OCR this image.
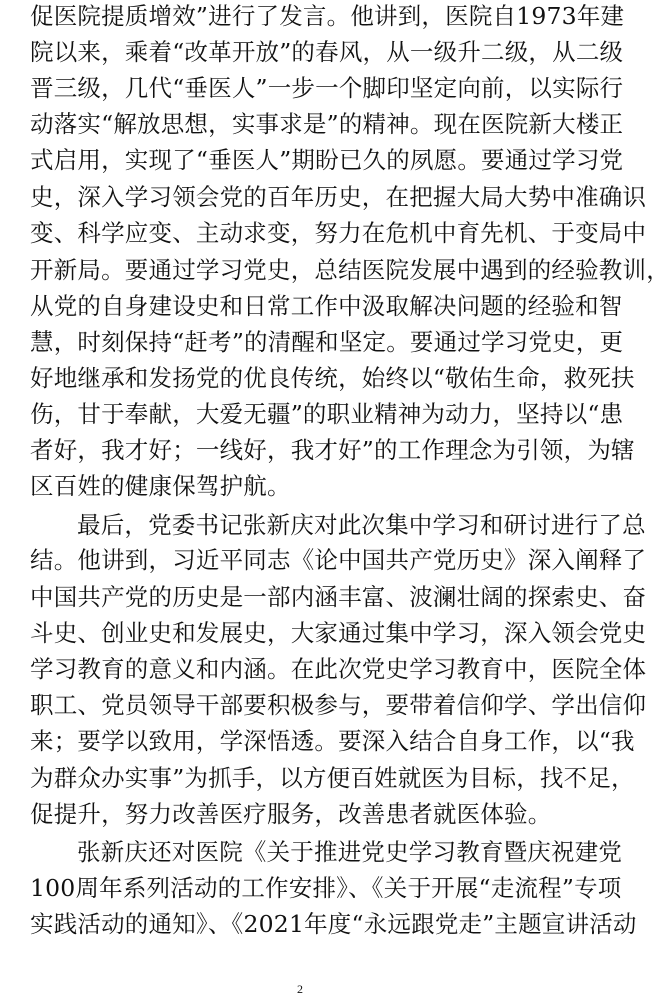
促医院提质增效”进行了发言。他讲到，医院自1973年建
院以来，乘着“改革开放”的春风，从一级升二级，从二级
晋三级，几代“垂医人”一步一个脚印坚定向前，以实际行
动落实“解放思想，实事求是”的精神。现在医院新大楼正
式启用，实现了“垂医人”期盼已久的夙愿。要通过学习党
史，深入学习领会党的百年历史，在把握大局大势中准确识
变、科学应变、主动求变，努力在危机中育先机、于变局中
开新局。要通过学习党史，总结医院发展中遇到的经验教训，
从党的自身建设史和日常工作中汲取解决问题的经验和智
慧，时刻保持“赶考”的清醒和坚定。要通过学习党史，更
好地继承和发扬党的优良传统，始终以“敬佑生命，救死扶
伤，甘于奉献，大爱无疆”的职业精神为动力，坚持以“患
者好，我才好；一线好，我才好”的工作理念为引领，为辖
区百姓的健康保驾护航。
最后，党委书记张新庆对此次集中学习和研讨进行了总
结。他讲到，习近平同志《论中国共产党历史》深入阐释了
中国共产党的历史是一部内涵丰富、波澜壮阔的探索史、奋
斗史、创业史和发展史，大家通过集中学习，深入领会党史
学习教育的意义和内涵。在此次党史学习教育中，医院全体
职工、党员领导干部要积极参与，要带着信仰学、学出信仰
来；要学以致用，学深悟透。要深入结合自身工作，以“我
为群众办实事”为抓手，以方便百姓就医为目标，找不足，
促提升，努力改善医疗服务，改善患者就医体验。
张新庆还对医院《关于推进党史学习教育暨庆祝建党
100周年系列活动的工作安排》、《关于开展“走流程”专项
实践活动的通知》、《2021年度“永远跟党走”主题宣讲活动
2
